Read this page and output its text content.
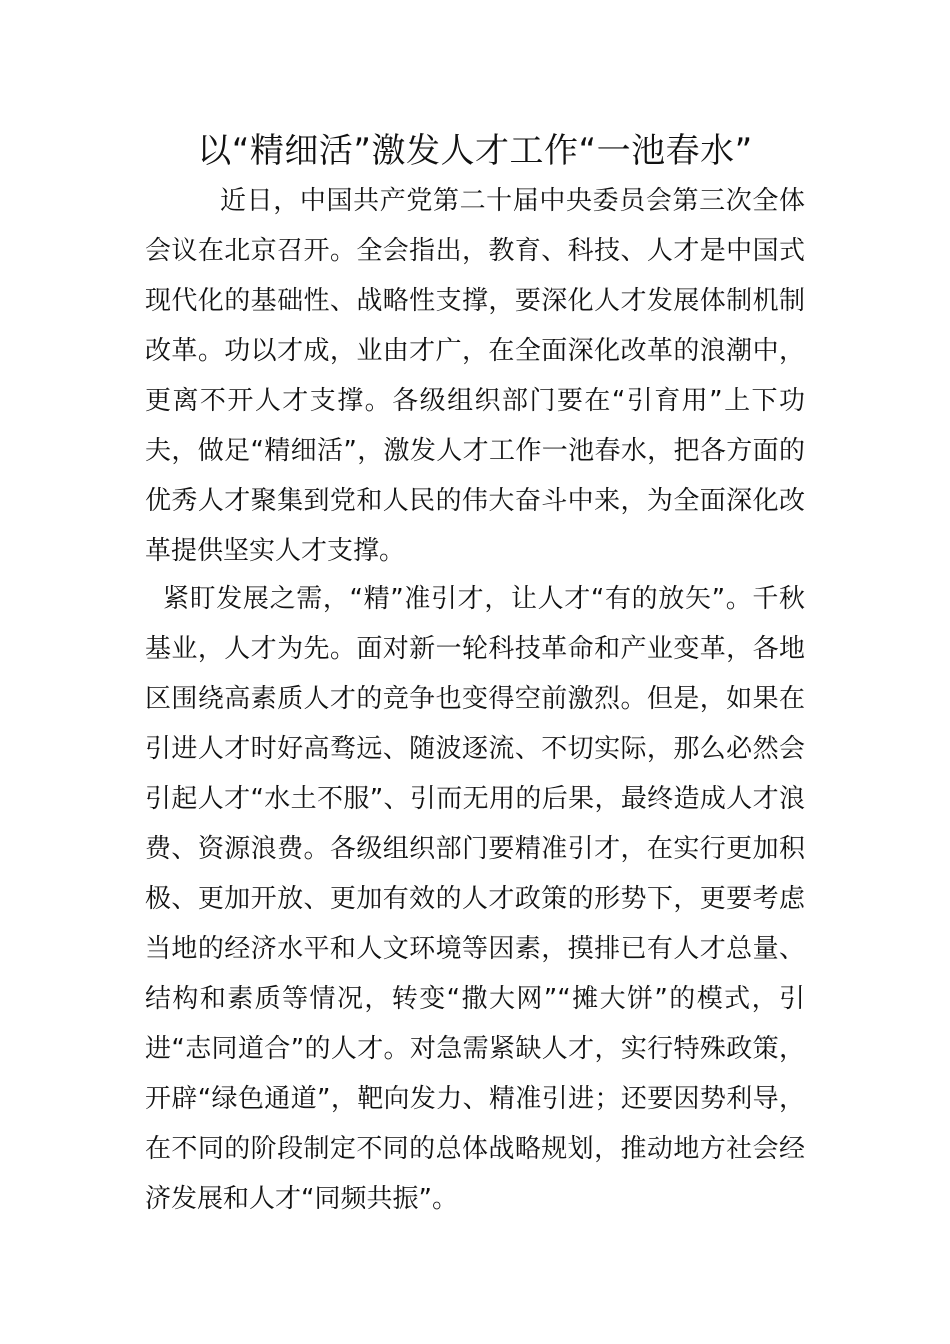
以“精细活”激发人才工作“一池春水”

近日，中国共产党第二十届中央委员会第三次全体会议在北京召开。全会指出，教育、科技、人才是中国式现代化的基础性、战略性支撑，要深化人才发展体制机制改革。功以才成，业由才广，在全面深化改革的浪潮中，更离不开人才支撑。各级组织部门要在“引育用”上下功夫，做足“精细活”，激发人才工作一池春水，把各方面的优秀人才聚集到党和人民的伟大奋斗中来，为全面深化改革提供坚实人才支撑。

紧盯发展之需，“精”准引才，让人才“有的放矢”。千秋基业，人才为先。面对新一轮科技革命和产业变革，各地区围绕高素质人才的竞争也变得空前激烈。但是，如果在引进人才时好高骛远、随波逐流、不切实际，那么必然会引起人才“水土不服”、引而无用的后果，最终造成人才浪费、资源浪费。各级组织部门要精准引才，在实行更加积极、更加开放、更加有效的人才政策的形势下，更要考虑当地的经济水平和人文环境等因素，摸排已有人才总量、结构和素质等情况，转变“撒大网”“摊大饼”的模式，引进“志同道合”的人才。对急需紧缺人才，实行特殊政策，开辟“绿色通道”，靶向发力、精准引进；还要因势利导，在不同的阶段制定不同的总体战略规划，推动地方社会经济发展和人才“同频共振”。
